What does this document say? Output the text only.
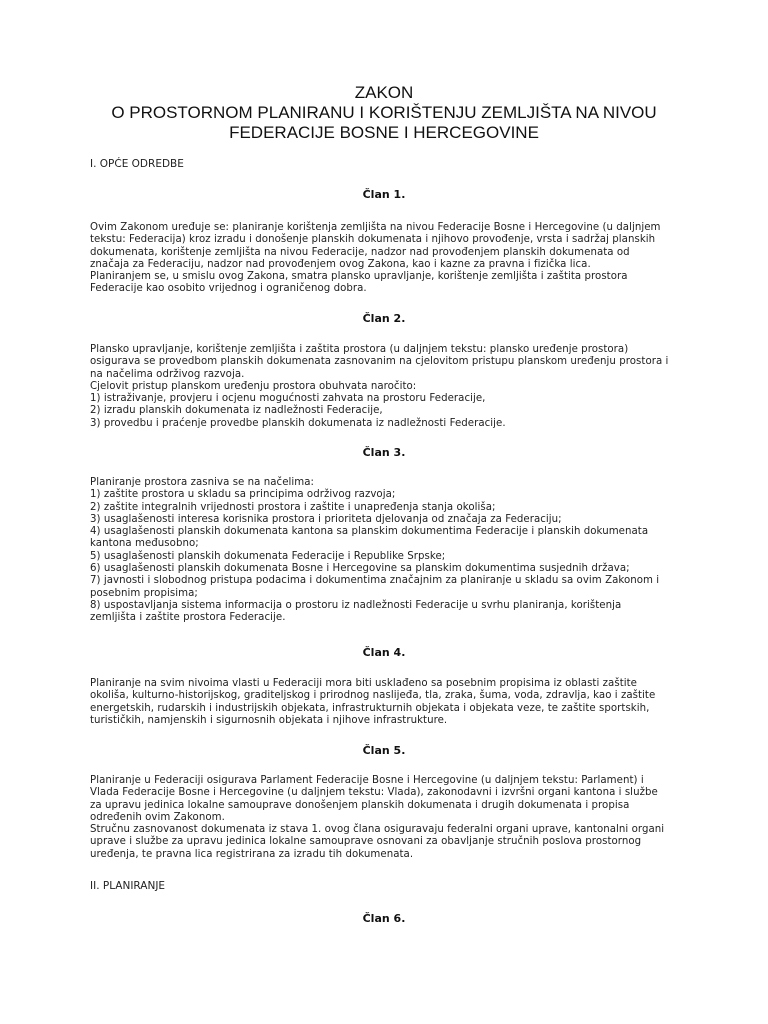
ZAKON
O PROSTORNOM PLANIRANU I KORIŠTENJU ZEMLJIŠTA NA NIVOU
FEDERACIJE BOSNE I HERCEGOVINE
I. OPĆE ODREDBE
Član 1.
Ovim Zakonom uređuje se: planiranje korištenja zemljišta na nivou Federacije Bosne i Hercegovine (u daljnjem
tekstu: Federacija) kroz izradu i donošenje planskih dokumenata i njihovo provođenje, vrsta i sadržaj planskih
dokumenata, korištenje zemljišta na nivou Federacije, nadzor nad provođenjem planskih dokumenata od
značaja za Federaciju, nadzor nad provođenjem ovog Zakona, kao i kazne za pravna i fizička lica.
Planiranjem se, u smislu ovog Zakona, smatra plansko upravljanje, korištenje zemljišta i zaštita prostora
Federacije kao osobito vrijednog i ograničenog dobra.
Član 2.
Plansko upravljanje, korištenje zemljišta i zaštita prostora (u daljnjem tekstu: plansko uređenje prostora)
osigurava se provedbom planskih dokumenata zasnovanim na cjelovitom pristupu planskom uređenju prostora i
na načelima održivog razvoja.
Cjelovit pristup planskom uređenju prostora obuhvata naročito:
1) istraživanje, provjeru i ocjenu mogućnosti zahvata na prostoru Federacije,
2) izradu planskih dokumenata iz nadležnosti Federacije,
3) provedbu i praćenje provedbe planskih dokumenata iz nadležnosti Federacije.
Član 3.
Planiranje prostora zasniva se na načelima:
1) zaštite prostora u skladu sa principima održivog razvoja;
2) zaštite integralnih vrijednosti prostora i zaštite i unapređenja stanja okoliša;
3) usaglašenosti interesa korisnika prostora i prioriteta djelovanja od značaja za Federaciju;
4) usaglašenosti planskih dokumenata kantona sa planskim dokumentima Federacije i planskih dokumenata
kantona međusobno;
5) usaglašenosti planskih dokumenata Federacije i Republike Srpske;
6) usaglašenosti planskih dokumenata Bosne i Hercegovine sa planskim dokumentima susjednih država;
7) javnosti i slobodnog pristupa podacima i dokumentima značajnim za planiranje u skladu sa ovim Zakonom i
posebnim propisima;
8) uspostavljanja sistema informacija o prostoru iz nadležnosti Federacije u svrhu planiranja, korištenja
zemljišta i zaštite prostora Federacije.
Član 4.
Planiranje na svim nivoima vlasti u Federaciji mora biti usklađeno sa posebnim propisima iz oblasti zaštite
okoliša, kulturno-historijskog, graditeljskog i prirodnog naslijeđa, tla, zraka, šuma, voda, zdravlja, kao i zaštite
energetskih, rudarskih i industrijskih objekata, infrastrukturnih objekata i objekata veze, te zaštite sportskih,
turističkih, namjenskih i sigurnosnih objekata i njihove infrastrukture.
Član 5.
Planiranje u Federaciji osigurava Parlament Federacije Bosne i Hercegovine (u daljnjem tekstu: Parlament) i
Vlada Federacije Bosne i Hercegovine (u daljnjem tekstu: Vlada), zakonodavni i izvršni organi kantona i službe
za upravu jedinica lokalne samouprave donošenjem planskih dokumenata i drugih dokumenata i propisa
određenih ovim Zakonom.
Stručnu zasnovanost dokumenata iz stava 1. ovog člana osiguravaju federalni organi uprave, kantonalni organi
uprave i službe za upravu jedinica lokalne samouprave osnovani za obavljanje stručnih poslova prostornog
uređenja, te pravna lica registrirana za izradu tih dokumenata.
II. PLANIRANJE
Član 6.
